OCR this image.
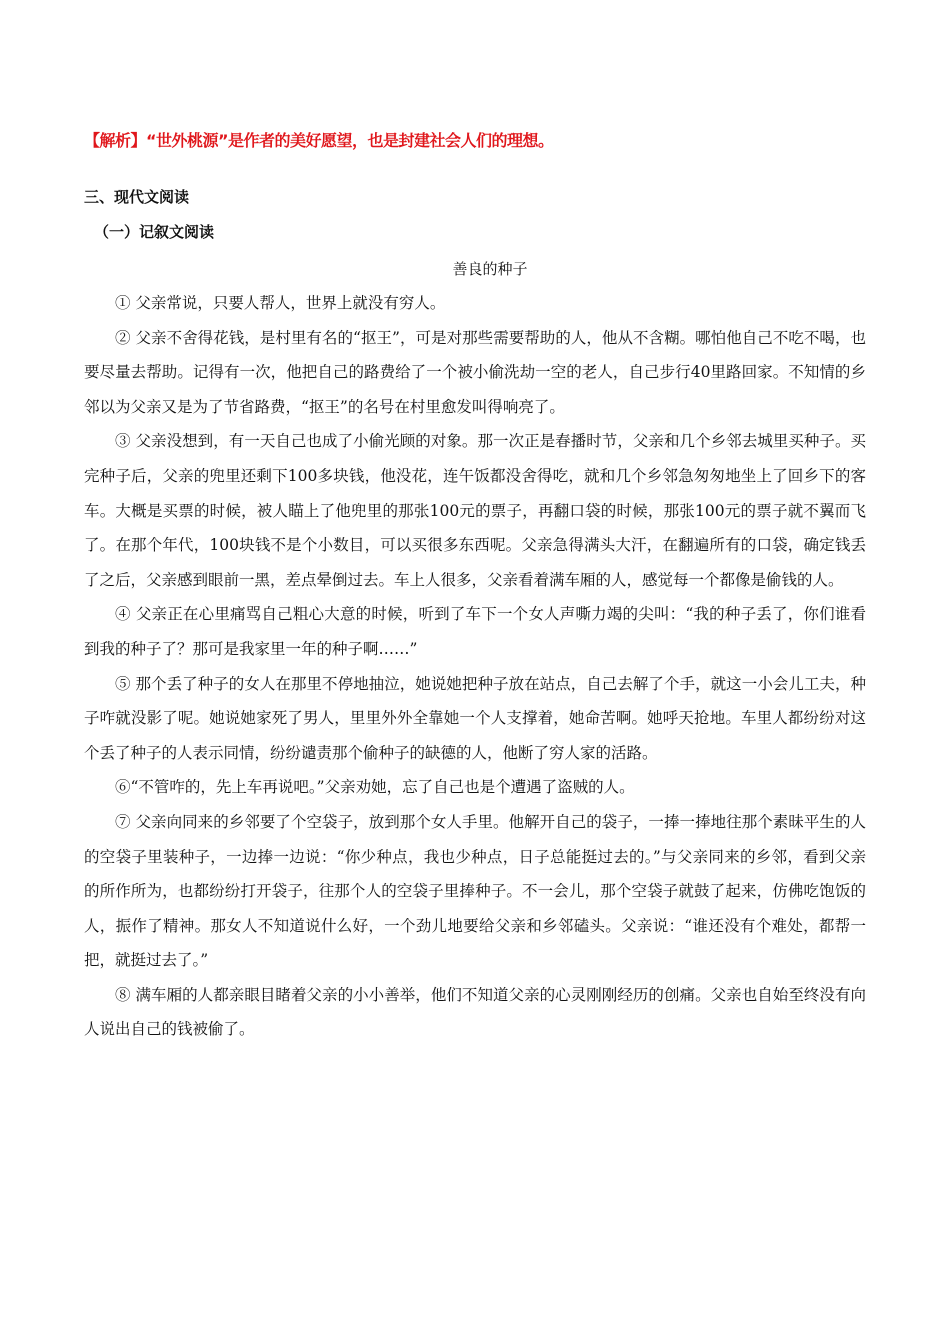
【解析】“世外桃源”是作者的美好愿望，也是封建社会人们的理想。
三、现代文阅读
（一）记叙文阅读
善良的种子

① 父亲常说，只要人帮人，世界上就没有穷人。

② 父亲不舍得花钱，是村里有名的“抠王”，可是对那些需要帮助的人，他从不含糊。哪怕他自己不吃不喝，也要尽量去帮助。记得有一次，他把自己的路费给了一个被小偷洗劫一空的老人，自己步行40里路回家。不知情的乡邻以为父亲又是为了节省路费，“抠王”的名号在村里愈发叫得响亮了。

③ 父亲没想到，有一天自己也成了小偷光顾的对象。那一次正是春播时节，父亲和几个乡邻去城里买种子。买完种子后，父亲的兜里还剩下100多块钱，他没花，连午饭都没舍得吃，就和几个乡邻急匆匆地坐上了回乡下的客车。大概是买票的时候，被人瞄上了他兜里的那张100元的票子，再翻口袋的时候，那张100元的票子就不翼而飞了。在那个年代，100块钱不是个小数目，可以买很多东西呢。父亲急得满头大汗，在翻遍所有的口袋，确定钱丢了之后，父亲感到眼前一黑，差点晕倒过去。车上人很多，父亲看着满车厢的人，感觉每一个都像是偷钱的人。

④ 父亲正在心里痛骂自己粗心大意的时候，听到了车下一个女人声嘶力竭的尖叫：“我的种子丢了，你们谁看到我的种子了？那可是我家里一年的种子啊……”

⑤ 那个丢了种子的女人在那里不停地抽泣，她说她把种子放在站点，自己去解了个手，就这一小会儿工夫，种子咋就没影了呢。她说她家死了男人，里里外外全靠她一个人支撑着，她命苦啊。她呼天抢地。车里人都纷纷对这个丢了种子的人表示同情，纷纷谴责那个偷种子的缺德的人，他断了穷人家的活路。

⑥“不管咋的，先上车再说吧。”父亲劝她，忘了自己也是个遭遇了盗贼的人。

⑦ 父亲向同来的乡邻要了个空袋子，放到那个女人手里。他解开自己的袋子，一捧一捧地往那个素昧平生的人的空袋子里装种子，一边捧一边说：“你少种点，我也少种点，日子总能挺过去的。”与父亲同来的乡邻，看到父亲的所作所为，也都纷纷打开袋子，往那个人的空袋子里捧种子。不一会儿，那个空袋子就鼓了起来，仿佛吃饱饭的人，振作了精神。那女人不知道说什么好，一个劲儿地要给父亲和乡邻磕头。父亲说：“谁还没有个难处，都帮一把，就挺过去了。”

⑧ 满车厢的人都亲眼目睹着父亲的小小善举，他们不知道父亲的心灵刚刚经历的创痛。父亲也自始至终没有向人说出自己的钱被偷了。
